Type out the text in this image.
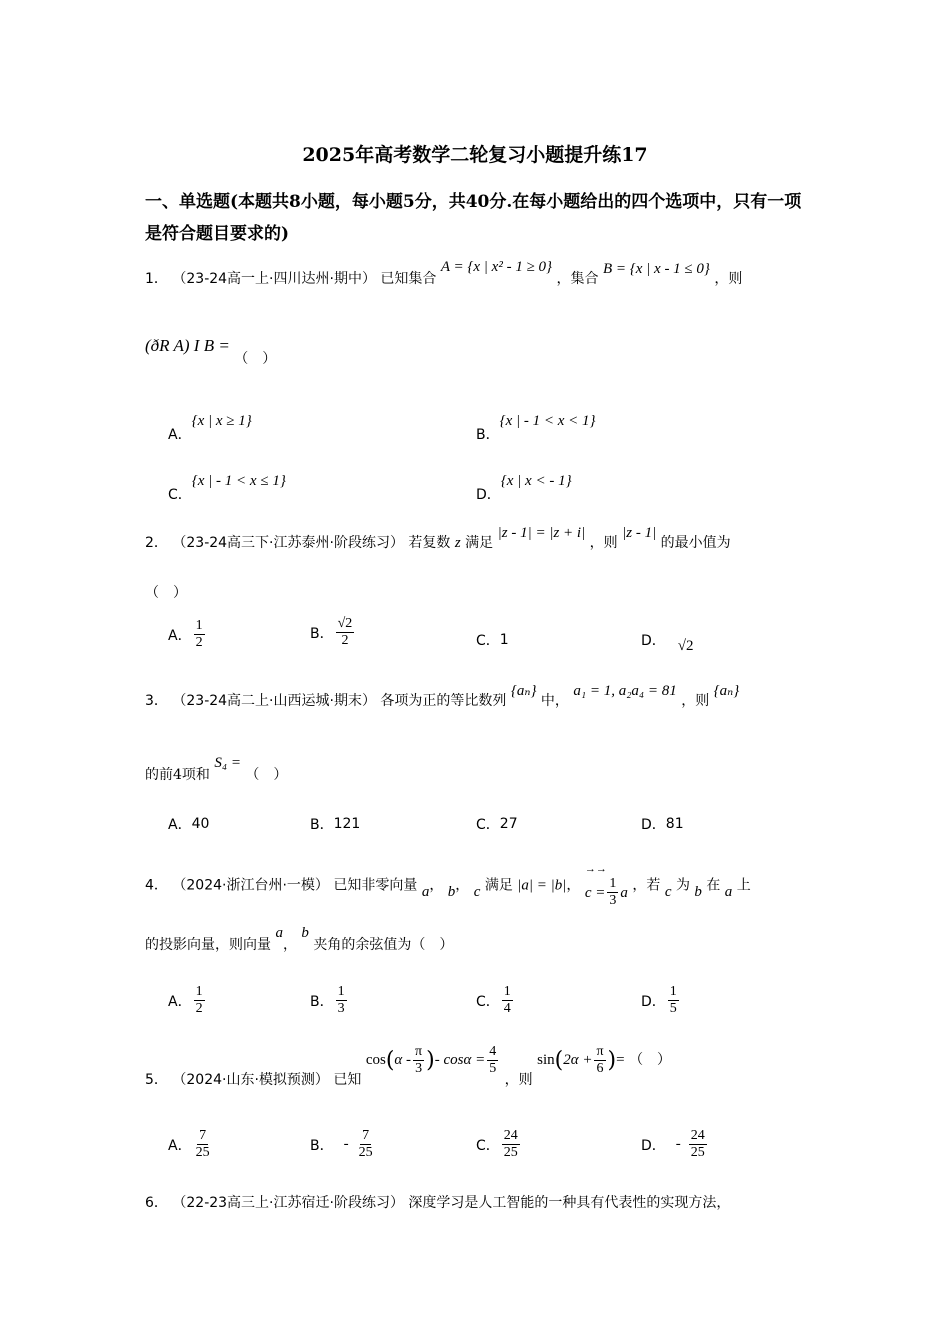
2025年高考数学二轮复习小题提升练17
一、单选题(本题共8小题，每小题5分，共40分.在每小题给出的四个选项中，只有一项是符合题目要求的)
1． （23-24高一上·四川达州·期中） 已知集合 A = {x | x² - 1 ≥ 0} ，集合 B = {x | x - 1 ≤ 0} ，则
(ðR A) I B = （　）
A．
{x | x ≥ 1}
B．
{x | - 1 < x < 1}
C．
{x | - 1 < x ≤ 1}
D．
{x | x < - 1}
2． （23-24高三下·江苏泰州·阶段练习） 若复数 z 满足 |z - 1| = |z + i| ，则 |z - 1| 的最小值为
（　）
A． $\frac{1}{2}$	B． $\frac{√2}{2}$	C． 1	D． √2
3． （23-24高二上·山西运城·期末） 各项为正的等比数列 {aₙ} 中， a₁ = 1, a₂a₄ = 81 ，则 {aₙ}
的前4项和 S₄ = （　）
A． 40	B． 121	C． 27	D． 81
4． （2024·浙江台州·一模） 已知非零向量 a， b， c 满足 |a| = |b|，
→→
$c = \frac{1}{3}$ a ，若 c 为 b 在 a 上
的投影向量，则向量 a， b 夹角的余弦值为（　）
A． $\frac{1}{2}$	B． $\frac{1}{3}$	C． $\frac{1}{4}$	D． $\frac{1}{5}$
5． （2024·山东·模拟预测） 已知
cos ( α - $\frac{\pi}{3}$ ) - $\cos\alpha = \frac{4}{5}$
，则
sin ( $2\alpha + \frac{\pi}{6}$ ) = （　）
A． $\frac{7}{25}$	B． - $\frac{7}{25}$	C． $\frac{24}{25}$	D． - $\frac{24}{25}$
6． （22-23高三上·江苏宿迁·阶段练习） 深度学习是人工智能的一种具有代表性的实现方法，
